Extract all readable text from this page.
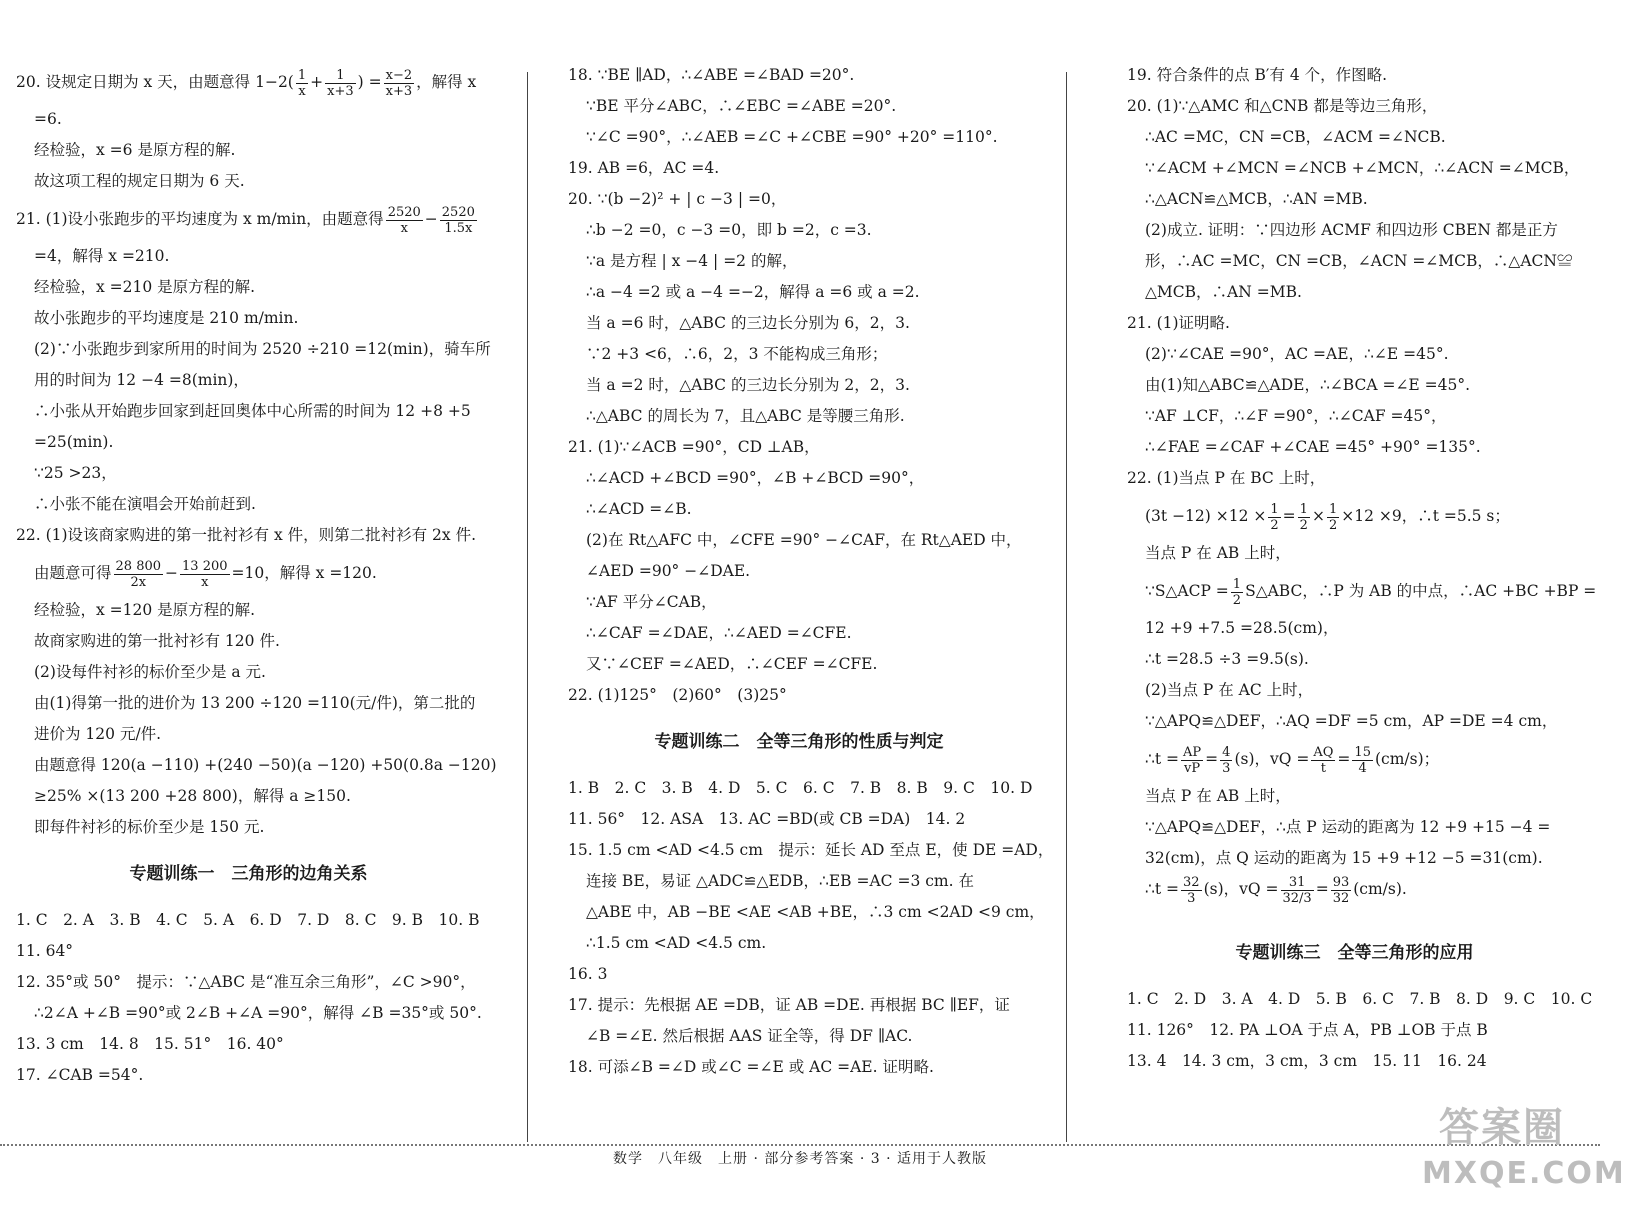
20. 设规定日期为 x 天，由题意得 $1-2( \frac{1}{x} + \frac{1}{x+3}$ ) = $\frac{x-2}{x+3}$ ，解得 x
=6.
经检验，x =6 是原方程的解.
故这项工程的规定日期为 6 天.
21. (1)设小张跑步的平均速度为 x m/min，由题意得 $\frac{2520}{x} - \frac{2520}{1.5x}$
=4，解得 x =210.
经检验，x =210 是原方程的解.
故小张跑步的平均速度是 210 m/min.
(2)∵小张跑步到家所用的时间为 2520 ÷210 =12(min)，骑车所
用的时间为 12 −4 =8(min)，
∴小张从开始跑步回家到赶回奥体中心所需的时间为 12 +8 +5
=25(min).
∵25 >23，
∴小张不能在演唱会开始前赶到.
22. (1)设该商家购进的第一批衬衫有 x 件，则第二批衬衫有 2x 件.
由题意可得 $\frac{28 800}{2x} - \frac{13 200}{x} =10$，解得 x =120.
经检验，x =120 是原方程的解.
故商家购进的第一批衬衫有 120 件.
(2)设每件衬衫的标价至少是 a 元.
由(1)得第一批的进价为 13 200 ÷120 =110(元/件)，第二批的
进价为 120 元/件.
由题意得 120(a −110) +(240 −50)(a −120) +50(0.8a −120)
≥25% ×(13 200 +28 800)，解得 a ≥150.
即每件衬衫的标价至少是 150 元.
专题训练一　三角形的边角关系
1. C　2. A　3. B　4. C　5. A　6. D　7. D　8. C　9. B　10. B
11. 64°
12. 35°或 50°　提示：∵△ABC 是“准互余三角形”，∠C >90°，
∴2∠A +∠B =90°或 2∠B +∠A =90°，解得 ∠B =35°或 50°.
13. 3 cm　14. 8　15. 51°　16. 40°
17. ∠CAB =54°.
18. ∵BE ∥AD，∴∠ABE =∠BAD =20°.
∵BE 平分∠ABC，∴∠EBC =∠ABE =20°.
∵∠C =90°，∴∠AEB =∠C +∠CBE =90° +20° =110°.
19. AB =6，AC =4.
20. ∵(b −2)² + | c −3 | =0，
∴b −2 =0，c −3 =0，即 b =2，c =3.
∵a 是方程 | x −4 | =2 的解，
∴a −4 =2 或 a −4 =−2，解得 a =6 或 a =2.
当 a =6 时，△ABC 的三边长分别为 6，2，3.
∵2 +3 <6，∴6，2，3 不能构成三角形；
当 a =2 时，△ABC 的三边长分别为 2，2，3.
∴△ABC 的周长为 7，且△ABC 是等腰三角形.
21. (1)∵∠ACB =90°，CD ⊥AB，
∴∠ACD +∠BCD =90°，∠B +∠BCD =90°，
∴∠ACD =∠B.
(2)在 Rt△AFC 中，∠CFE =90° −∠CAF，在 Rt△AED 中，
∠AED =90° −∠DAE.
∵AF 平分∠CAB，
∴∠CAF =∠DAE，∴∠AED =∠CFE.
又∵∠CEF =∠AED，∴∠CEF =∠CFE.
22. (1)125°　(2)60°　(3)25°
专题训练二　全等三角形的性质与判定
1. B　2. C　3. B　4. D　5. C　6. C　7. B　8. B　9. C　10. D
11. 56°　12. ASA　13. AC =BD(或 CB =DA)　14. 2
15. 1.5 cm <AD <4.5 cm　提示：延长 AD 至点 E，使 DE =AD，
连接 BE，易证 △ADC≌△EDB，∴EB =AC =3 cm. 在
△ABE 中，AB −BE <AE <AB +BE，∴3 cm <2AD <9 cm，
∴1.5 cm <AD <4.5 cm.
16. 3
17. 提示：先根据 AE =DB，证 AB =DE. 再根据 BC ∥EF，证
∠B =∠E. 然后根据 AAS 证全等，得 DF ∥AC.
18. 可添∠B =∠D 或∠C =∠E 或 AC =AE. 证明略.
19. 符合条件的点 B′有 4 个，作图略.
20. (1)∵△AMC 和△CNB 都是等边三角形，
∴AC =MC，CN =CB，∠ACM =∠NCB.
∵∠ACM +∠MCN =∠NCB +∠MCN，∴∠ACN =∠MCB，
∴△ACN≌△MCB，∴AN =MB.
(2)成立. 证明：∵四边形 ACMF 和四边形 CBEN 都是正方
形，∴AC =MC，CN =CB，∠ACN =∠MCB，∴△ACN≌
△MCB，∴AN =MB.
21. (1)证明略.
(2)∵∠CAE =90°，AC =AE，∴∠E =45°.
由(1)知△ABC≌△ADE，∴∠BCA =∠E =45°.
∵AF ⊥CF，∴∠F =90°，∴∠CAF =45°，
∴∠FAE =∠CAF +∠CAE =45° +90° =135°.
22. (1)当点 P 在 BC 上时，
$(3t -12) \times 12 \times \frac{1}{2} = \frac{1}{2} \times \frac{1}{2} \times 12 \times 9$，∴t =5.5 s；
当点 P 在 AB 上时，
∵S△ACP = $\frac{1}{2}$ S△ABC，∴P 为 AB 的中点，∴AC +BC +BP =
12 +9 +7.5 =28.5(cm)，
∴t =28.5 ÷3 =9.5(s).
(2)当点 P 在 AC 上时，
∵△APQ≌△DEF，∴AQ =DF =5 cm，AP =DE =4 cm，
∴t = $\frac{AP}{vP} = \frac{4}{3} (s)$，vQ = $\frac{AQ}{t} = \frac{15}{4} (cm/s)$；
当点 P 在 AB 上时，
∵△APQ≌△DEF，∴点 P 运动的距离为 12 +9 +15 −4 =
32(cm)，点 Q 运动的距离为 15 +9 +12 −5 =31(cm).
∴t = $\frac{32}{3} (s)$，vQ = $\frac{31}{32/3} = \frac{93}{32} (cm/s)$.
专题训练三　全等三角形的应用
1. C　2. D　3. A　4. D　5. B　6. C　7. B　8. D　9. C　10. C
11. 126°　12. PA ⊥OA 于点 A，PB ⊥OB 于点 B
13. 4　14. 3 cm，3 cm，3 cm　15. 11　16. 24
数学　八年级　上册 · 部分参考答案 · 3 · 适用于人教版
答案圈
MXQE.COM
